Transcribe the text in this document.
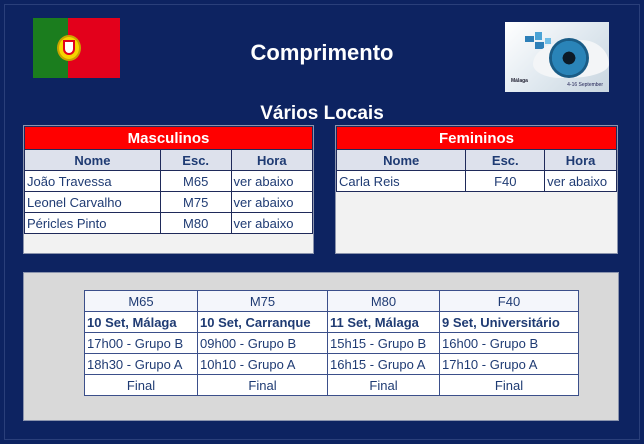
Comprimento
Málaga
4-16 September
Vários Locais
Masculinos		
Nome	Esc.	Hora
João Travessa	M65	ver abaixo
Leonel Carvalho	M75	ver abaixo
Péricles Pinto	M80	ver abaixo
Femininos		
Nome	Esc.	Hora
Carla Reis	F40	ver abaixo
M65	M75	M80	F40
10 Set, Málaga	10 Set, Carranque	11 Set, Málaga	9 Set, Universitário
17h00 - Grupo B	09h00 - Grupo B	15h15 - Grupo B	16h00 - Grupo B
18h30 - Grupo A	10h10 - Grupo A	16h15 - Grupo A	17h10 - Grupo A
Final	Final	Final	Final
